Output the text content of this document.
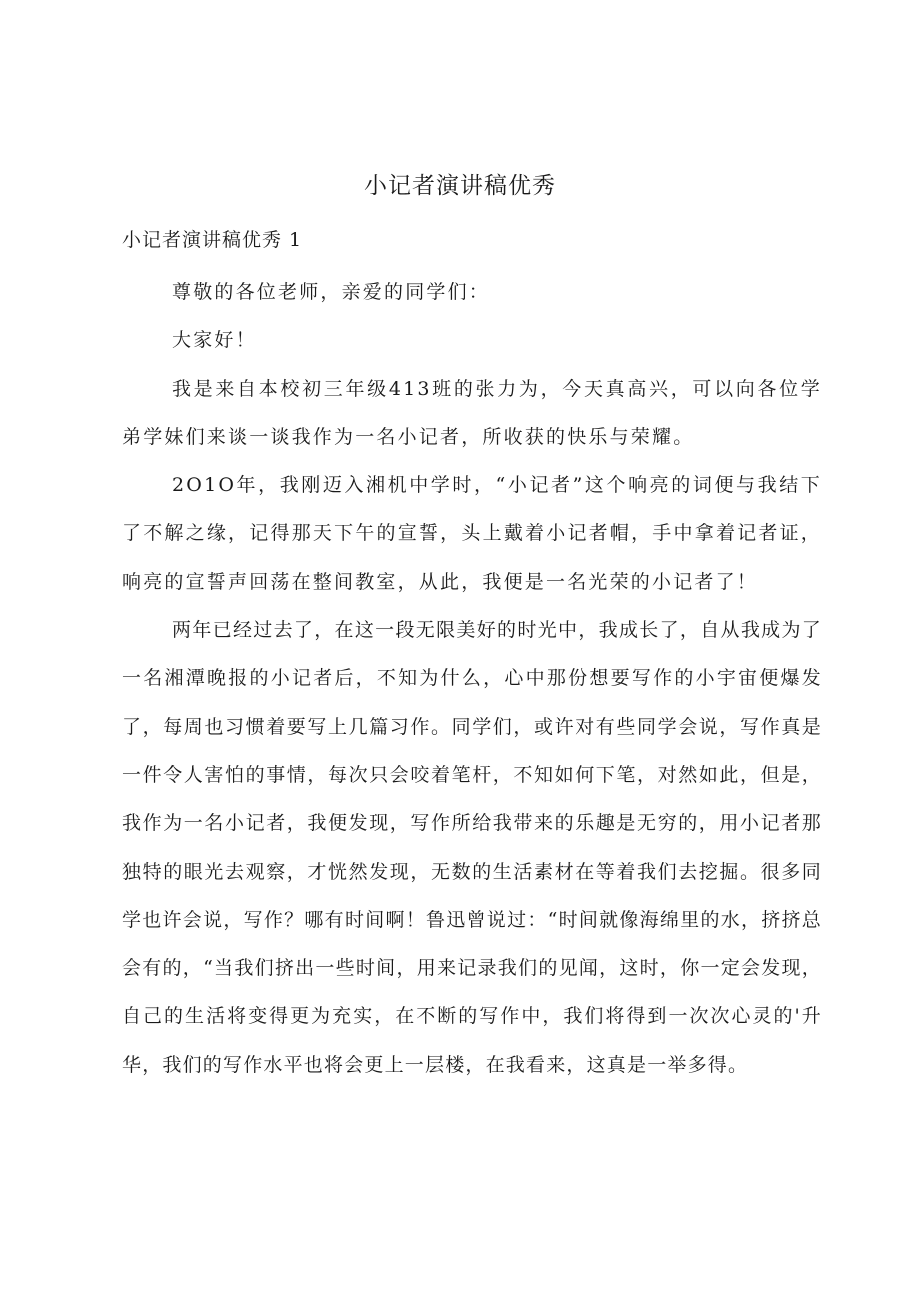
小记者演讲稿优秀
小记者演讲稿优秀 1

尊敬的各位老师，亲爱的同学们：

大家好！

我是来自本校初三年级413班的张力为，今天真高兴，可以向各位学弟学妹们来谈一谈我作为一名小记者，所收获的快乐与荣耀。

2O1O年，我刚迈入湘机中学时，“小记者”这个响亮的词便与我结下了不解之缘，记得那天下午的宣誓，头上戴着小记者帽，手中拿着记者证，响亮的宣誓声回荡在整间教室，从此，我便是一名光荣的小记者了！

两年已经过去了，在这一段无限美好的时光中，我成长了，自从我成为了一名湘潭晚报的小记者后，不知为什么，心中那份想要写作的小宇宙便爆发了，每周也习惯着要写上几篇习作。同学们，或许对有些同学会说，写作真是一件令人害怕的事情，每次只会咬着笔杆，不知如何下笔，对然如此，但是，我作为一名小记者，我便发现，写作所给我带来的乐趣是无穷的，用小记者那独特的眼光去观察，才恍然发现，无数的生活素材在等着我们去挖掘。很多同学也许会说，写作？哪有时间啊！鲁迅曾说过：“时间就像海绵里的水，挤挤总会有的，“当我们挤出一些时间，用来记录我们的见闻，这时，你一定会发现，自己的生活将变得更为充实，在不断的写作中，我们将得到一次次心灵的'升华，我们的写作水平也将会更上一层楼，在我看来，这真是一举多得。
